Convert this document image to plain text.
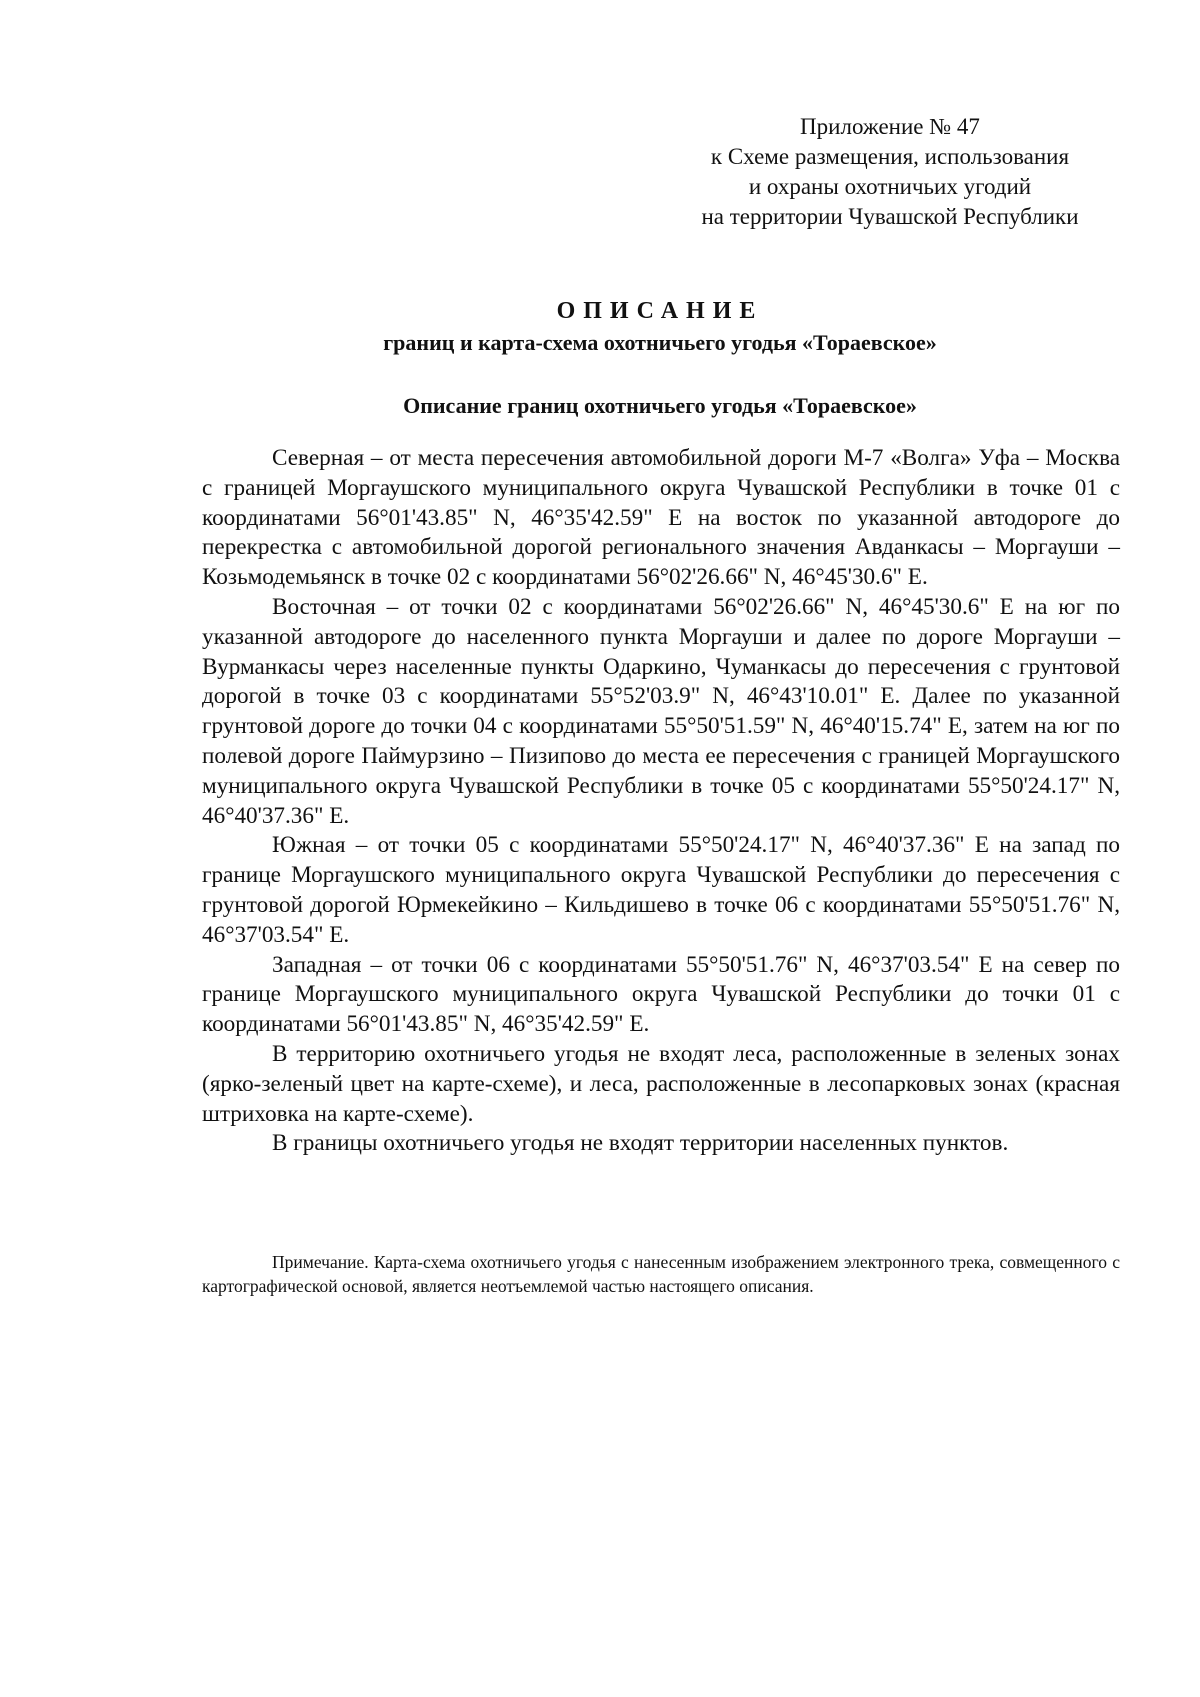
Приложение № 47
к Схеме размещения, использования
и охраны охотничьих угодий
на территории Чувашской Республики
ОПИСАНИЕ
границ и карта-схема охотничьего угодья «Тораевское»
Описание границ охотничьего угодья «Тораевское»

Северная – от места пересечения автомобильной дороги М-7 «Волга» Уфа – Москва с границей Моргаушского муниципального округа Чувашской Республики в точке 01 с координатами 56°01'43.85" N, 46°35'42.59" E на восток по указанной автодороге до перекрестка с автомобильной дорогой регионального значения Авданкасы – Моргауши – Козьмодемьянск в точке 02 с координатами 56°02'26.66" N, 46°45'30.6" E.

Восточная – от точки 02 с координатами 56°02'26.66" N, 46°45'30.6" E на юг по указанной автодороге до населенного пункта Моргауши и далее по дороге Моргауши – Вурманкасы через населенные пункты Одаркино, Чуманкасы до пересечения с грунтовой дорогой в точке 03 с координатами 55°52'03.9" N, 46°43'10.01" E. Далее по указанной грунтовой дороге до точки 04 с координатами 55°50'51.59" N, 46°40'15.74" E, затем на юг по полевой дороге Паймурзино – Пизипово до места ее пересечения с границей Моргаушского муниципального округа Чувашской Республики в точке 05 с координатами 55°50'24.17" N, 46°40'37.36" E.

Южная – от точки 05 с координатами 55°50'24.17" N, 46°40'37.36" E на запад по границе Моргаушского муниципального округа Чувашской Республики до пересечения с грунтовой дорогой Юрмекейкино – Кильдишево в точке 06 с координатами 55°50'51.76" N, 46°37'03.54" E.

Западная – от точки 06 с координатами 55°50'51.76" N, 46°37'03.54" E на север по границе Моргаушского муниципального округа Чувашской Республики до точки 01 с координатами 56°01'43.85" N, 46°35'42.59" E.

В территорию охотничьего угодья не входят леса, расположенные в зеленых зонах (ярко-зеленый цвет на карте-схеме), и леса, расположенные в лесопарковых зонах (красная штриховка на карте-схеме).

В границы охотничьего угодья не входят территории населенных пунктов.

Примечание. Карта-схема охотничьего угодья с нанесенным изображением электронного трека, совмещенного с картографической основой, является неотъемлемой частью настоящего описания.
